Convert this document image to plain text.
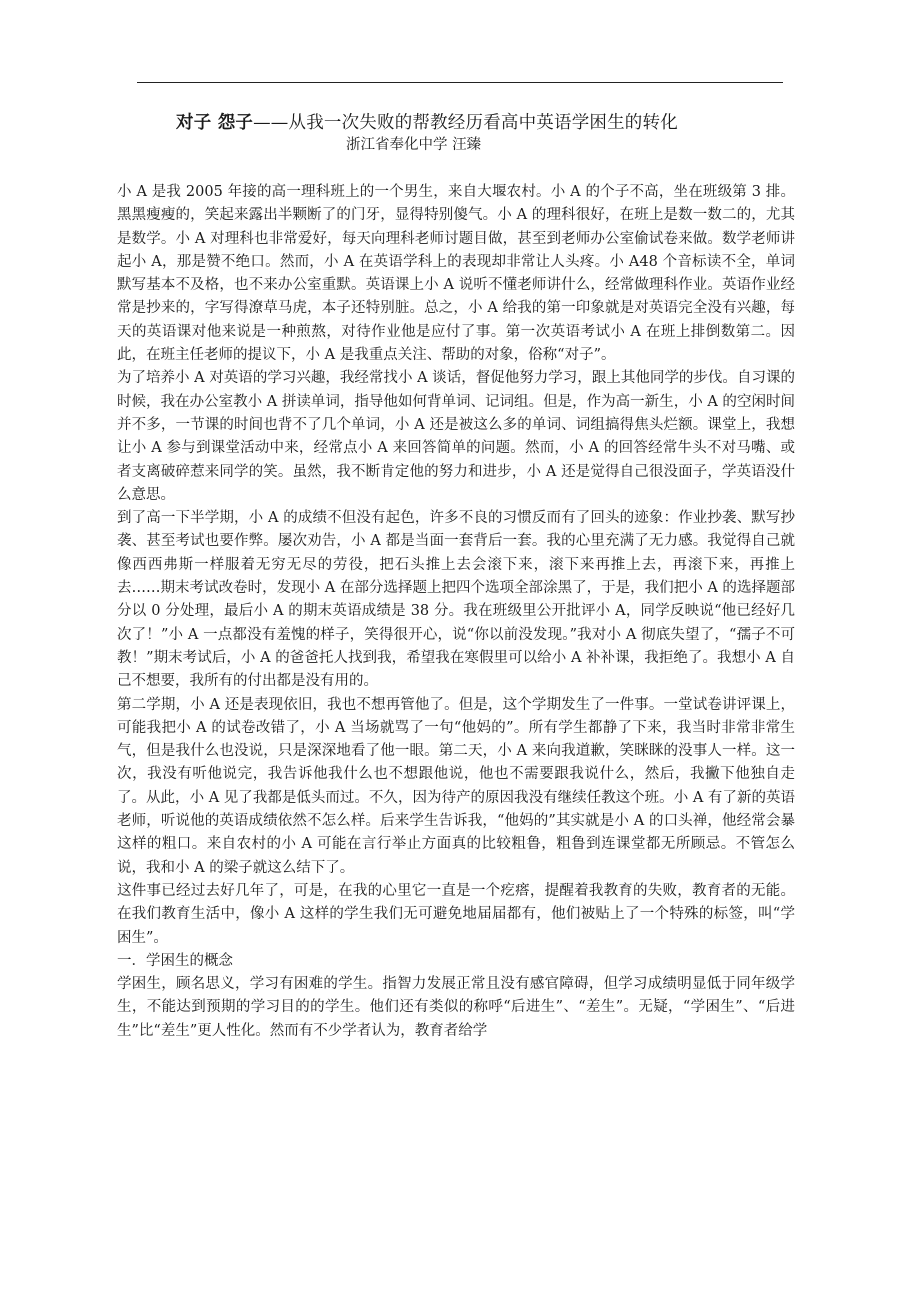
对子 怨子——从我一次失败的帮教经历看高中英语学困生的转化
浙江省奉化中学 汪臻

小 A 是我 2005 年接的高一理科班上的一个男生，来自大堰农村。小 A 的个子不高，坐在班级第 3 排。黑黑瘦瘦的，笑起来露出半颗断了的门牙，显得特别傻气。小 A 的理科很好，在班上是数一数二的，尤其是数学。小 A 对理科也非常爱好，每天向理科老师讨题目做，甚至到老师办公室偷试卷来做。数学老师讲起小 A，那是赞不绝口。然而，小 A 在英语学科上的表现却非常让人头疼。小 A48 个音标读不全，单词默写基本不及格，也不来办公室重默。英语课上小 A 说听不懂老师讲什么，经常做理科作业。英语作业经常是抄来的，字写得潦草马虎，本子还特别脏。总之，小 A 给我的第一印象就是对英语完全没有兴趣，每天的英语课对他来说是一种煎熬，对待作业他是应付了事。第一次英语考试小 A 在班上排倒数第二。因此，在班主任老师的提议下，小 A 是我重点关注、帮助的对象，俗称“对子”。

为了培养小 A 对英语的学习兴趣，我经常找小 A 谈话，督促他努力学习，跟上其他同学的步伐。自习课的时候，我在办公室教小 A 拼读单词，指导他如何背单词、记词组。但是，作为高一新生，小 A 的空闲时间并不多，一节课的时间也背不了几个单词，小 A 还是被这么多的单词、词组搞得焦头烂额。课堂上，我想让小 A 参与到课堂活动中来，经常点小 A 来回答简单的问题。然而，小 A 的回答经常牛头不对马嘴、或者支离破碎惹来同学的笑。虽然，我不断肯定他的努力和进步，小 A 还是觉得自己很没面子，学英语没什么意思。

到了高一下半学期，小 A 的成绩不但没有起色，许多不良的习惯反而有了回头的迹象：作业抄袭、默写抄袭、甚至考试也要作弊。屡次劝告，小 A 都是当面一套背后一套。我的心里充满了无力感。我觉得自己就像西西弗斯一样服着无穷无尽的劳役，把石头推上去会滚下来，滚下来再推上去，再滚下来，再推上去……期末考试改卷时，发现小 A 在部分选择题上把四个选项全部涂黑了，于是，我们把小 A 的选择题部分以 0 分处理，最后小 A 的期末英语成绩是 38 分。我在班级里公开批评小 A，同学反映说“他已经好几次了！”小 A 一点都没有羞愧的样子，笑得很开心，说“你以前没发现。”我对小 A 彻底失望了，“孺子不可教！”期末考试后，小 A 的爸爸托人找到我，希望我在寒假里可以给小 A 补补课，我拒绝了。我想小 A 自己不想要，我所有的付出都是没有用的。

第二学期，小 A 还是表现依旧，我也不想再管他了。但是，这个学期发生了一件事。一堂试卷讲评课上，可能我把小 A 的试卷改错了，小 A 当场就骂了一句“他妈的”。所有学生都静了下来，我当时非常非常生气，但是我什么也没说，只是深深地看了他一眼。第二天，小 A 来向我道歉，笑眯眯的没事人一样。这一次，我没有听他说完，我告诉他我什么也不想跟他说，他也不需要跟我说什么，然后，我撇下他独自走了。从此，小 A 见了我都是低头而过。不久，因为待产的原因我没有继续任教这个班。小 A 有了新的英语老师，听说他的英语成绩依然不怎么样。后来学生告诉我，“他妈的”其实就是小 A 的口头禅，他经常会暴这样的粗口。来自农村的小 A 可能在言行举止方面真的比较粗鲁，粗鲁到连课堂都无所顾忌。不管怎么说，我和小 A 的梁子就这么结下了。

这件事已经过去好几年了，可是，在我的心里它一直是一个疙瘩，提醒着我教育的失败，教育者的无能。在我们教育生活中，像小 A 这样的学生我们无可避免地届届都有，他们被贴上了一个特殊的标签，叫“学困生”。

一．学困生的概念

学困生，顾名思义，学习有困难的学生。指智力发展正常且没有感官障碍，但学习成绩明显低于同年级学生，不能达到预期的学习目的的学生。他们还有类似的称呼“后进生”、“差生”。无疑，“学困生”、“后进生”比“差生”更人性化。然而有不少学者认为，教育者给学
